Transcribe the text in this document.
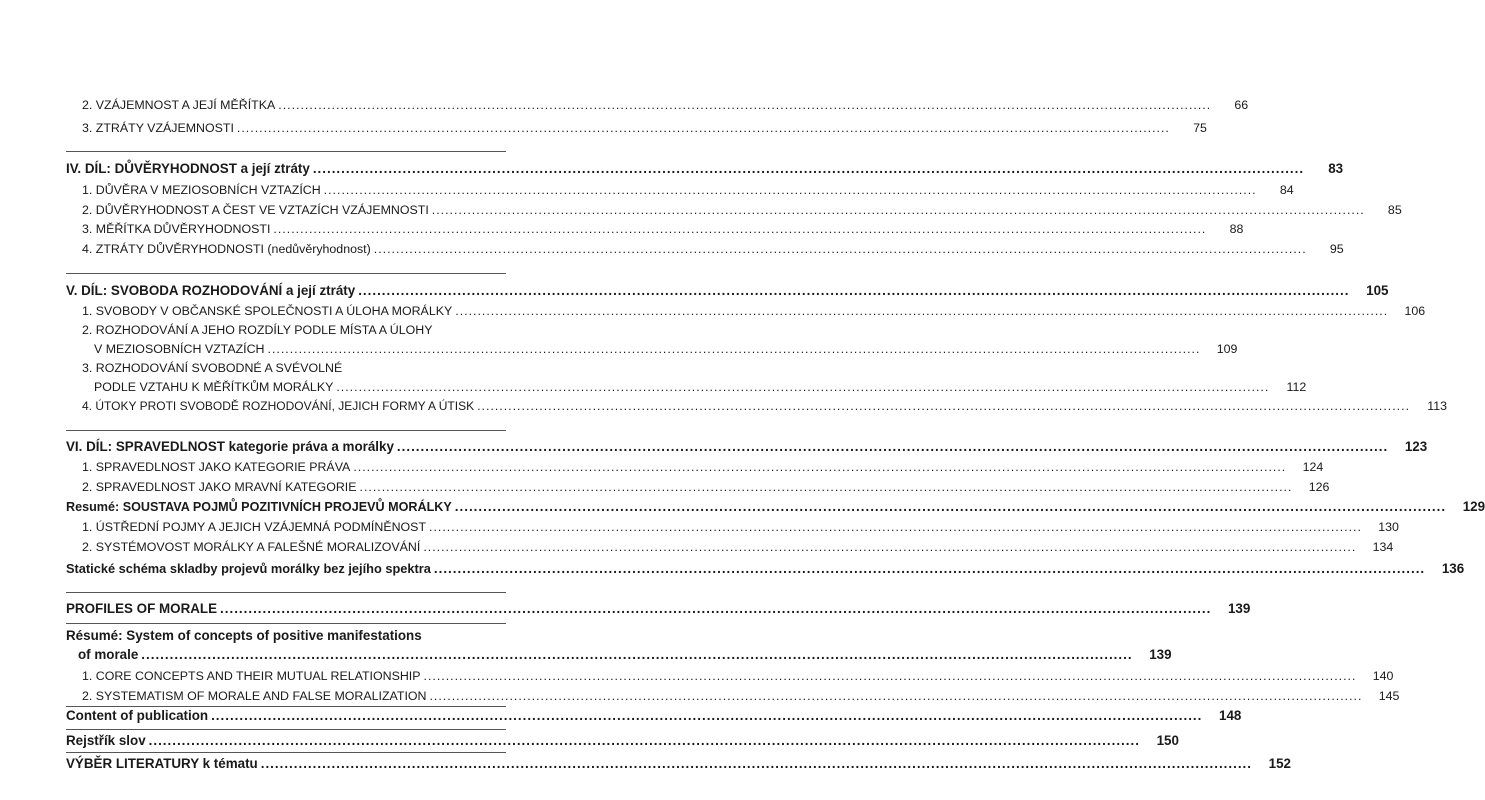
2. VZÁJEMNOST A JEJÍ MĚŘÍTKA .....	66
3. ZTRÁTY VZÁJEMNOSTI .....	75
IV. DÍL: DŮVĚRYHODNOST a její ztráty .....	83
1. DŮVĚRA V MEZIOSOBNÍCH VZTAZÍCH .....	84
2. DŮVĚRYHODNOST A ČEST VE VZTAZÍCH VZÁJEMNOSTI .....	85
3. MĚŘÍTKA DŮVĚRYHODNOSTI .....	88
4. ZTRÁTY DŮVĚRYHODNOSTI (nedůvěryhodnost) .....	95
V. DÍL: SVOBODA ROZHODOVÁNÍ a její ztráty .....	105
1. SVOBODY V OBČANSKÉ SPOLEČNOSTI A ÚLOHA MORÁLKY .....	106
2. ROZHODOVÁNÍ A JEHO ROZDÍLY PODLE MÍSTA A ÚLOHY
V MEZIOSOBNÍCH VZTAZÍCH .....	109
3. ROZHODOVÁNÍ SVOBODNÉ A SVÉVOLNÉ
PODLE VZTAHU K MĚŘÍTKŮM MORÁLKY .....	112
4. ÚTOKY PROTI SVOBODĚ ROZHODOVÁNÍ, JEJICH FORMY A ÚTISK .....	113
VI. DÍL: SPRAVEDLNOST kategorie práva a morálky .....	123
1. SPRAVEDLNOST JAKO KATEGORIE PRÁVA .....	124
2. SPRAVEDLNOST JAKO MRAVNÍ KATEGORIE .....	126
Resumé: SOUSTAVA POJMŮ POZITIVNÍCH PROJEVŮ MORÁLKY .....	129
1. ÚSTŘEDNÍ POJMY A JEJICH VZÁJEMNÁ PODMÍNĚNOST .....	130
2. SYSTÉMOVOST MORÁLKY A FALEŠNÉ MORALIZOVÁNÍ .....	134
Statické schéma skladby projevů morálky bez jejího spektra .....	136
PROFILES OF MORALE .....	139
Résumé: System of concepts of positive manifestations
of morale .....	139
1. CORE CONCEPTS AND THEIR MUTUAL RELATIONSHIP .....	140
2. SYSTEMATISM OF MORALE AND FALSE MORALIZATION .....	145
Content of publication .....	148
Rejstřík slov .....	150
VÝBĚR LITERATURY k tématu .....	152
